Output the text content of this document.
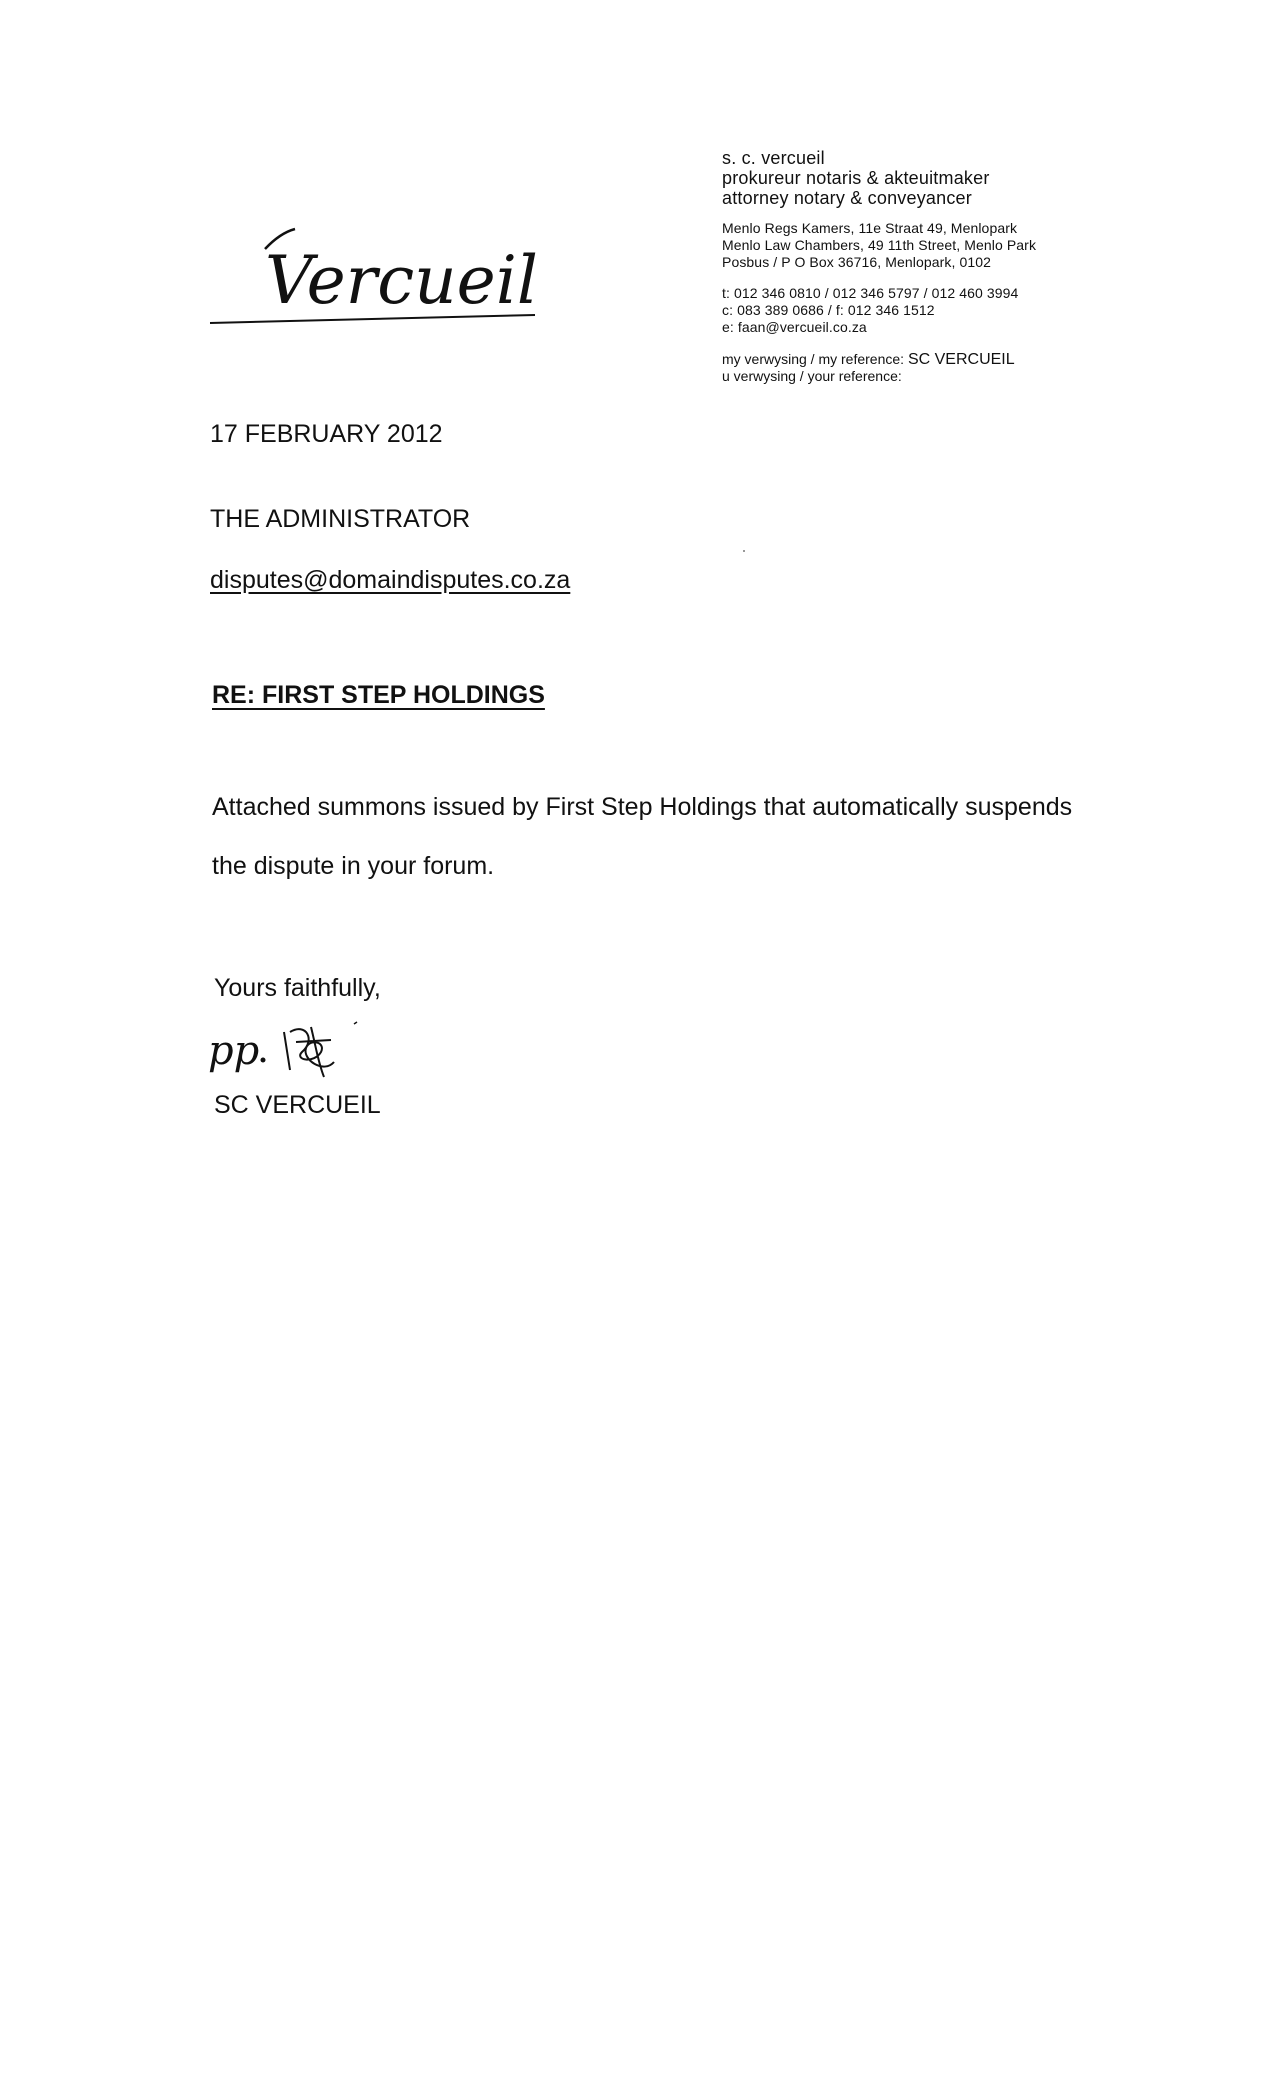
Vercueil
s. c. vercueil
prokureur notaris & akteuitmaker
attorney notary & conveyancer
Menlo Regs Kamers, 11e Straat 49, Menlopark
Menlo Law Chambers, 49 11th Street, Menlo Park
Posbus / P O Box 36716, Menlopark, 0102
t: 012 346 0810 / 012 346 5797 / 012 460 3994
c: 083 389 0686 / f: 012 346 1512
e: faan@vercueil.co.za
my verwysing / my reference: SC VERCUEIL
u verwysing / your reference:
17 FEBRUARY 2012
THE ADMINISTRATOR
disputes@domaindisputes.co.za
RE: FIRST STEP HOLDINGS
Attached summons issued by First Step Holdings that automatically suspends
the dispute in your forum.
Yours faithfully,
pp
SC VERCUEIL
